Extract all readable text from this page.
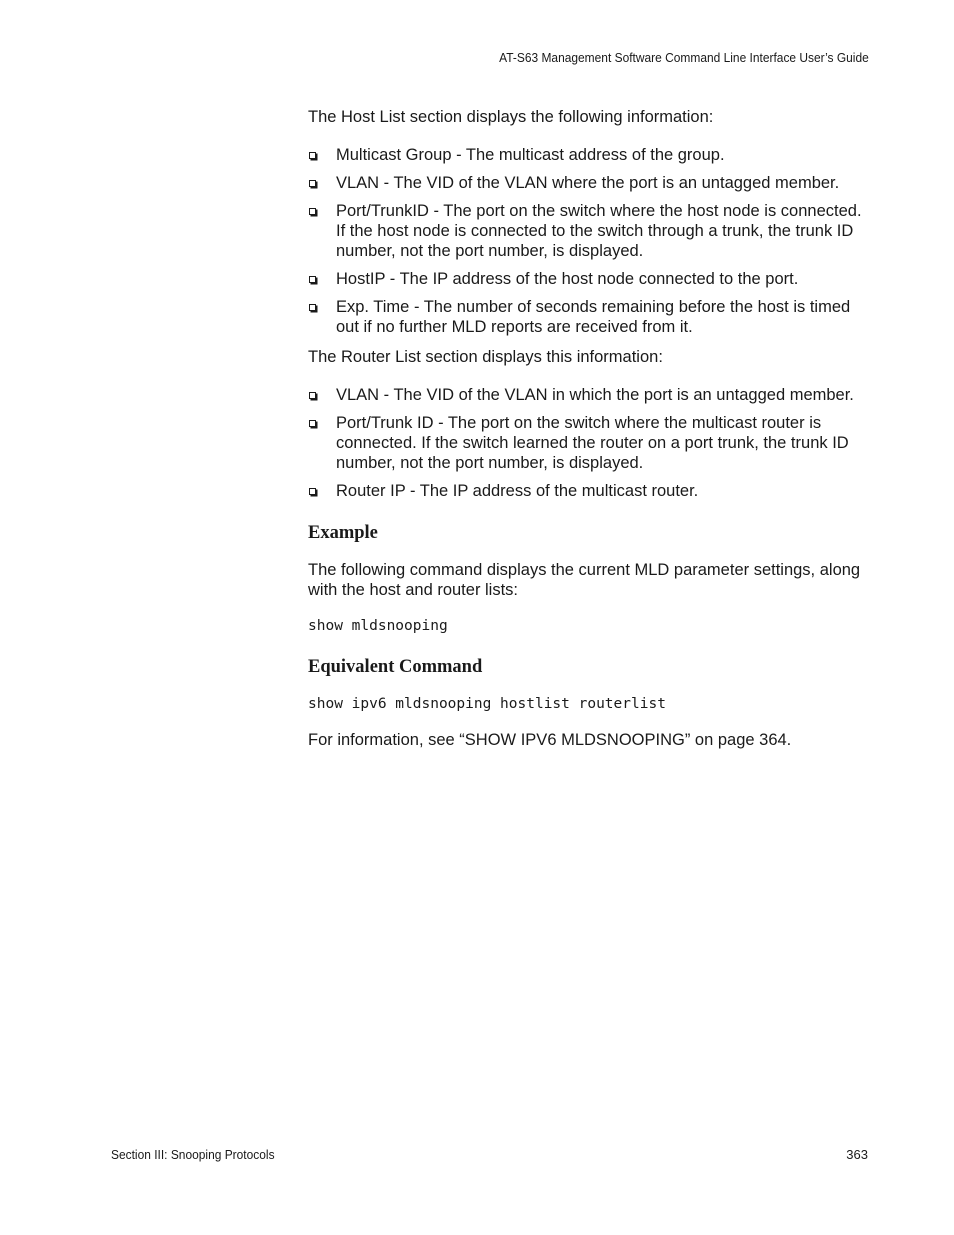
AT-S63 Management Software Command Line Interface User’s Guide

The Host List section displays the following information:

Multicast Group - The multicast address of the group.
VLAN - The VID of the VLAN where the port is an untagged member.
Port/TrunkID - The port on the switch where the host node is connected. If the host node is connected to the switch through a trunk, the trunk ID number, not the port number, is displayed.
HostIP - The IP address of the host node connected to the port.
Exp. Time - The number of seconds remaining before the host is timed out if no further MLD reports are received from it.

The Router List section displays this information:

VLAN - The VID of the VLAN in which the port is an untagged member.
Port/Trunk ID - The port on the switch where the multicast router is connected. If the switch learned the router on a port trunk, the trunk ID number, not the port number, is displayed.
Router IP - The IP address of the multicast router.
Example

The following command displays the current MLD parameter settings, along with the host and router lists:

show mldsnooping
Equivalent Command
show ipv6 mldsnooping hostlist routerlist

For information, see “SHOW IPV6 MLDSNOOPING” on page 364.

Section III: Snooping Protocols	363
